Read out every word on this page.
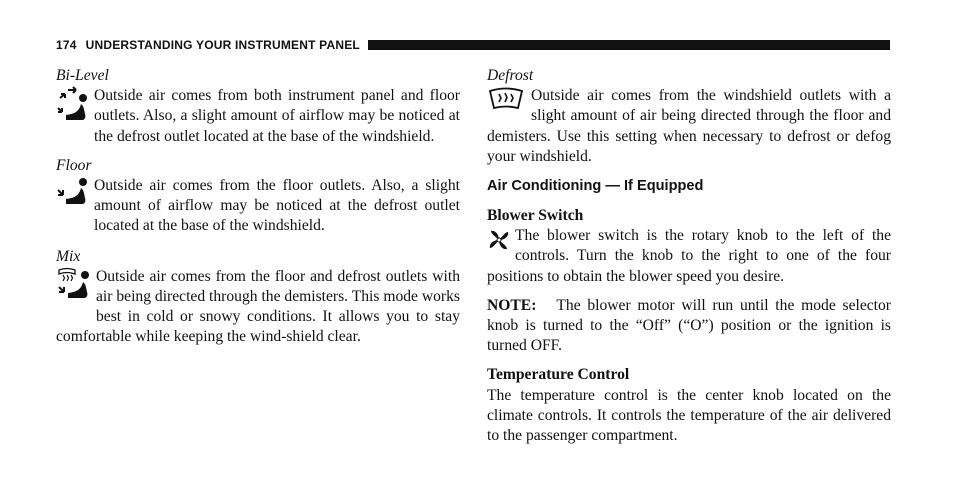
174 UNDERSTANDING YOUR INSTRUMENT PANEL

Bi-Level

Outside air comes from both instrument panel and floor outlets. Also, a slight amount of airflow may be noticed at the defrost outlet located at the base of the windshield.

Floor

Outside air comes from the floor outlets. Also, a slight amount of airflow may be noticed at the defrost outlet located at the base of the windshield.

Mix

Outside air comes from the floor and defrost outlets with air being directed through the demisters. This mode works best in cold or snowy conditions. It allows you to stay comfortable while keeping the wind-shield clear.

Defrost

Outside air comes from the windshield outlets with a slight amount of air being directed through the floor and demisters. Use this setting when necessary to defrost or defog your windshield.

Air Conditioning — If Equipped

Blower Switch

The blower switch is the rotary knob to the left of the controls. Turn the knob to the right to one of the four positions to obtain the blower speed you desire.

NOTE: The blower motor will run until the mode selector knob is turned to the “Off” (“O”) position or the ignition is turned OFF.

Temperature Control

The temperature control is the center knob located on the climate controls. It controls the temperature of the air delivered to the passenger compartment.
